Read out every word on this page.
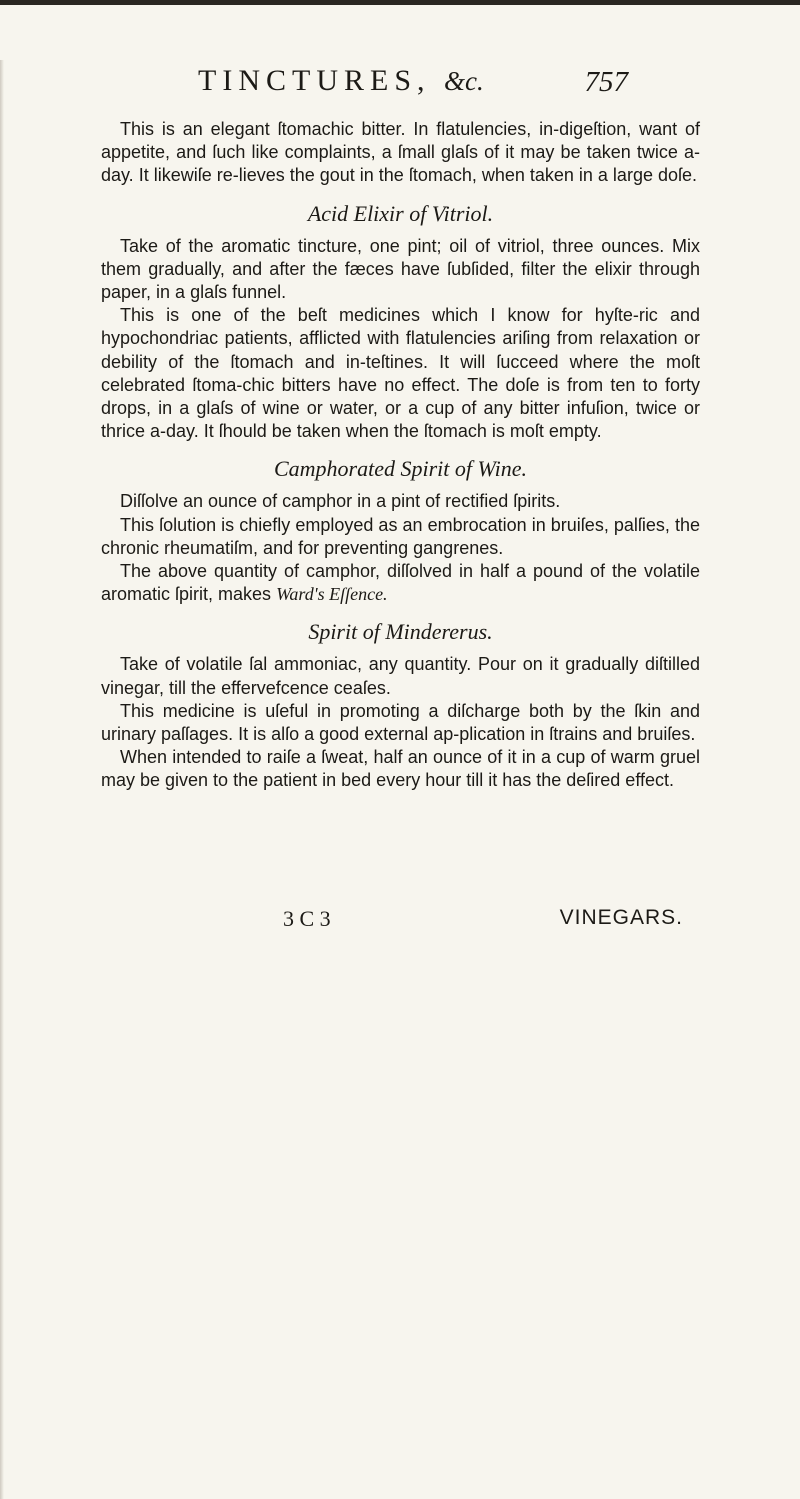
TINCTURES, &c.	757

This is an elegant ſtomachic bitter. In flatulencies, in-digeſtion, want of appetite, and ſuch like complaints, a ſmall glaſs of it may be taken twice a-day. It likewiſe re-lieves the gout in the ſtomach, when taken in a large doſe.

Acid Elixir of Vitriol.

Take of the aromatic tincture, one pint; oil of vitriol, three ounces. Mix them gradually, and after the fæces have ſubſided, filter the elixir through paper, in a glaſs funnel.

This is one of the beſt medicines which I know for hyſte-ric and hypochondriac patients, afflicted with flatulencies ariſing from relaxation or debility of the ſtomach and in-teſtines. It will ſucceed where the moſt celebrated ſtoma-chic bitters have no effect. The doſe is from ten to forty drops, in a glaſs of wine or water, or a cup of any bitter infuſion, twice or thrice a-day. It ſhould be taken when the ſtomach is moſt empty.

Camphorated Spirit of Wine.

Diſſolve an ounce of camphor in a pint of rectified ſpirits.

This ſolution is chiefly employed as an embrocation in bruiſes, palſies, the chronic rheumatiſm, and for preventing gangrenes.

The above quantity of camphor, diſſolved in half a pound of the volatile aromatic ſpirit, makes Ward's Eſſence.

Spirit of Mindererus.

Take of volatile ſal ammoniac, any quantity. Pour on it gradually diſtilled vinegar, till the effervefcence ceaſes.

This medicine is uſeful in promoting a diſcharge both by the ſkin and urinary paſſages. It is alſo a good external ap-plication in ſtrains and bruiſes.

When intended to raiſe a ſweat, half an ounce of it in a cup of warm gruel may be given to the patient in bed every hour till it has the deſired effect.

3 C 3	VINEGARS.
